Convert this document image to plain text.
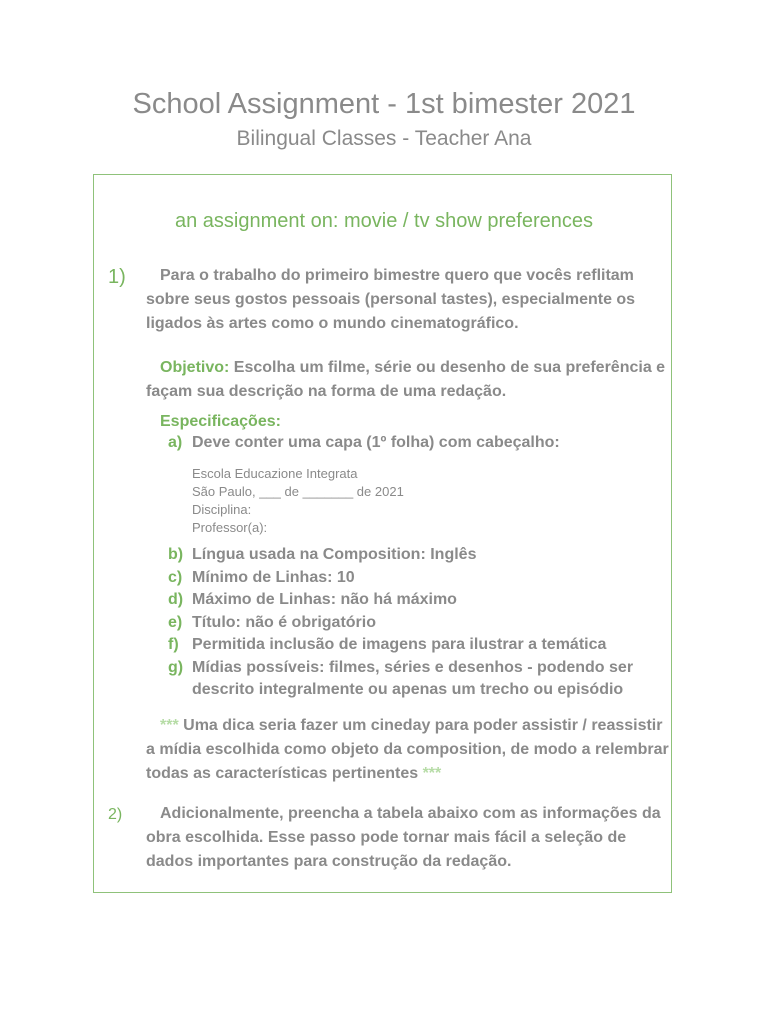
School Assignment - 1st bimester 2021
Bilingual Classes - Teacher Ana
an assignment on: movie / tv show preferences
1)	Para o trabalho do primeiro bimestre quero que vocês reflitam sobre seus gostos pessoais (personal tastes), especialmente os ligados às artes como o mundo cinematográfico.
Objetivo: Escolha um filme, série ou desenho de sua preferência e façam sua descrição na forma de uma redação.
Especificações:
a) Deve conter uma capa (1º folha) com cabeçalho:
Escola Educazione Integrata
São Paulo, ___ de _______ de 2021
Disciplina:
Professor(a):
b) Língua usada na Composition: Inglês
c) Mínimo de Linhas: 10
d) Máximo de Linhas: não há máximo
e) Título: não é obrigatório
f) Permitida inclusão de imagens para ilustrar a temática
g) Mídias possíveis: filmes, séries e desenhos - podendo ser descrito integralmente ou apenas um trecho ou episódio
*** Uma dica seria fazer um cineday para poder assistir / reassistir a mídia escolhida como objeto da composition, de modo a relembrar todas as características pertinentes ***
2)	Adicionalmente, preencha a tabela abaixo com as informações da obra escolhida. Esse passo pode tornar mais fácil a seleção de dados importantes para construção da redação.
